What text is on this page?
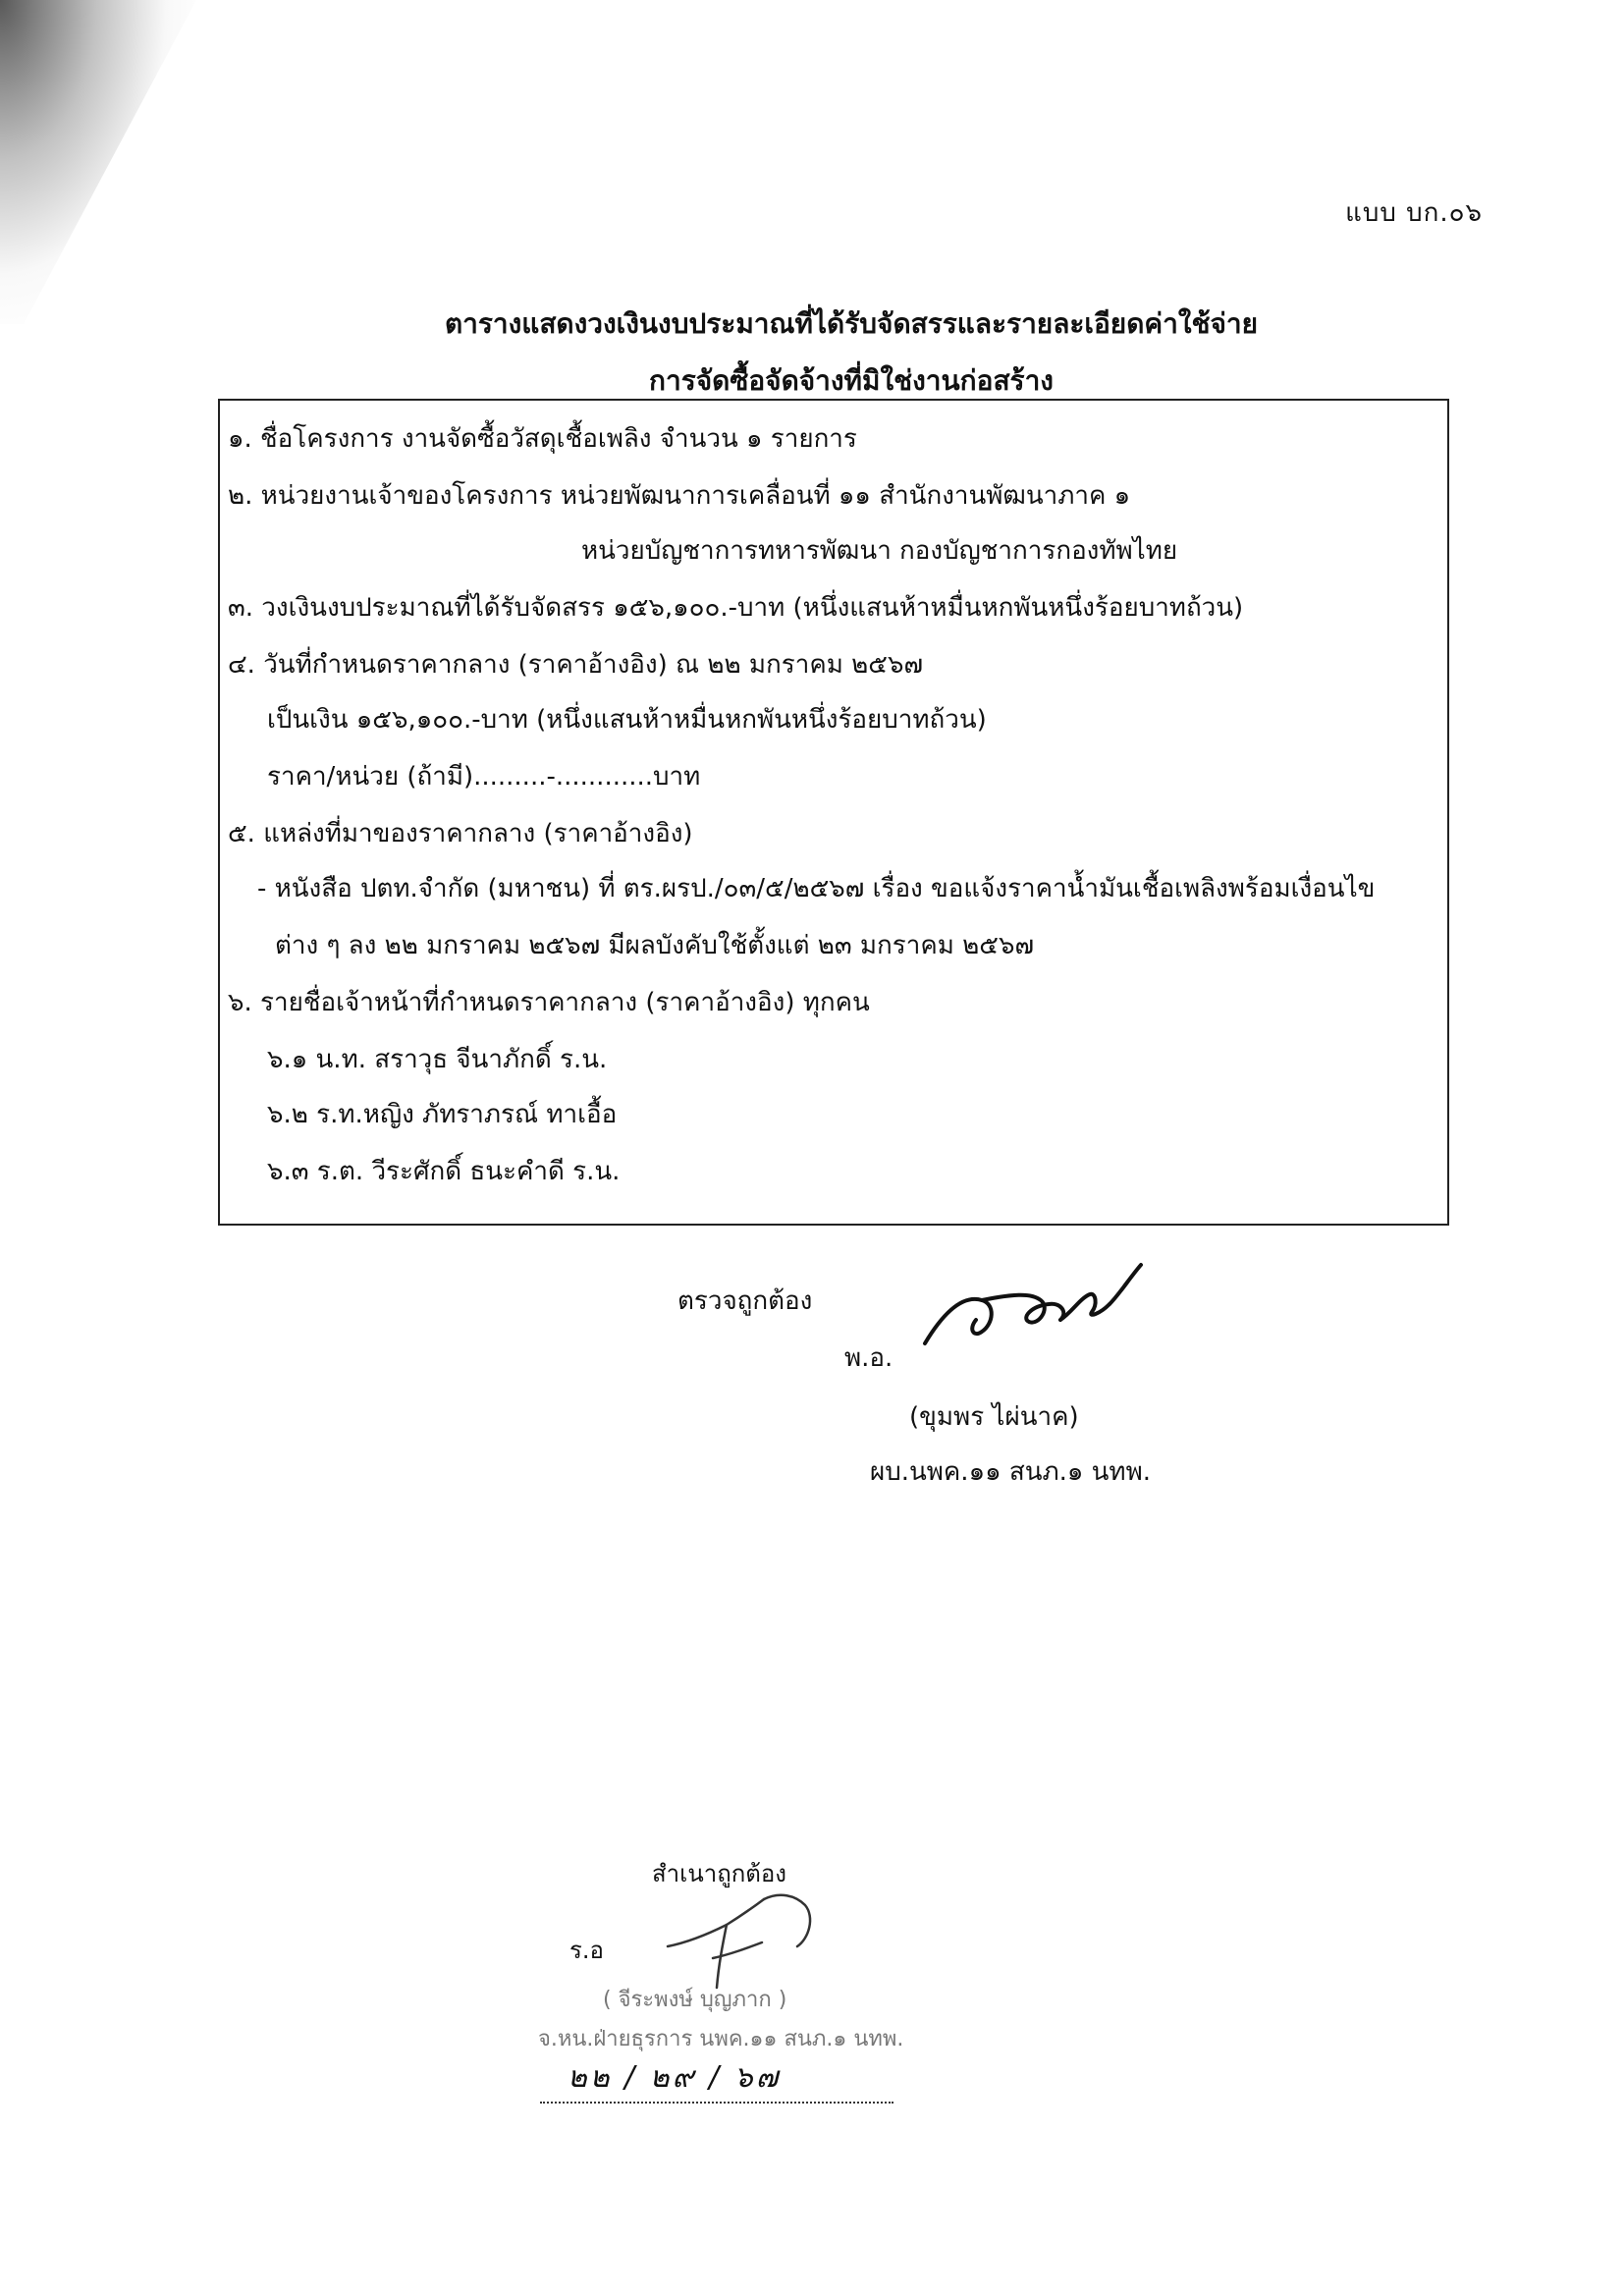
แบบ บก.๐๖
ตารางแสดงวงเงินงบประมาณที่ได้รับจัดสรรและรายละเอียดค่าใช้จ่าย
การจัดซื้อจัดจ้างที่มิใช่งานก่อสร้าง
๑. ชื่อโครงการ งานจัดซื้อวัสดุเชื้อเพลิง จำนวน ๑ รายการ
๒. หน่วยงานเจ้าของโครงการ หน่วยพัฒนาการเคลื่อนที่ ๑๑ สำนักงานพัฒนาภาค ๑
หน่วยบัญชาการทหารพัฒนา กองบัญชาการกองทัพไทย
๓. วงเงินงบประมาณที่ได้รับจัดสรร ๑๕๖,๑๐๐.-บาท (หนึ่งแสนห้าหมื่นหกพันหนึ่งร้อยบาทถ้วน)
๔. วันที่กำหนดราคากลาง (ราคาอ้างอิง) ณ ๒๒ มกราคม ๒๕๖๗
เป็นเงิน ๑๕๖,๑๐๐.-บาท (หนึ่งแสนห้าหมื่นหกพันหนึ่งร้อยบาทถ้วน)
ราคา/หน่วย (ถ้ามี).........-............บาท
๕. แหล่งที่มาของราคากลาง (ราคาอ้างอิง)
- หนังสือ ปตท.จำกัด (มหาชน) ที่ ตร.ผรป./๐๓/๕/๒๕๖๗ เรื่อง ขอแจ้งราคาน้ำมันเชื้อเพลิงพร้อมเงื่อนไข
ต่าง ๆ ลง ๒๒ มกราคม ๒๕๖๗ มีผลบังคับใช้ตั้งแต่ ๒๓ มกราคม ๒๕๖๗
๖. รายชื่อเจ้าหน้าที่กำหนดราคากลาง (ราคาอ้างอิง) ทุกคน
๖.๑ น.ท. สราวุธ จีนาภักดิ์ ร.น.
๖.๒ ร.ท.หญิง ภัทราภรณ์ ทาเอื้อ
๖.๓ ร.ต. วีระศักดิ์ ธนะคำดี ร.น.
ตรวจถูกต้อง
พ.อ.
(ขุมพร ไผ่นาค)
ผบ.นพค.๑๑ สนภ.๑ นทพ.
สำเนาถูกต้อง
ร.อ
( จีระพงษ์ บุญภาก )
จ.หน.ฝ่ายธุรการ นพค.๑๑ สนภ.๑ นทพ.
๒๒ / ๒๙ / ๖๗
